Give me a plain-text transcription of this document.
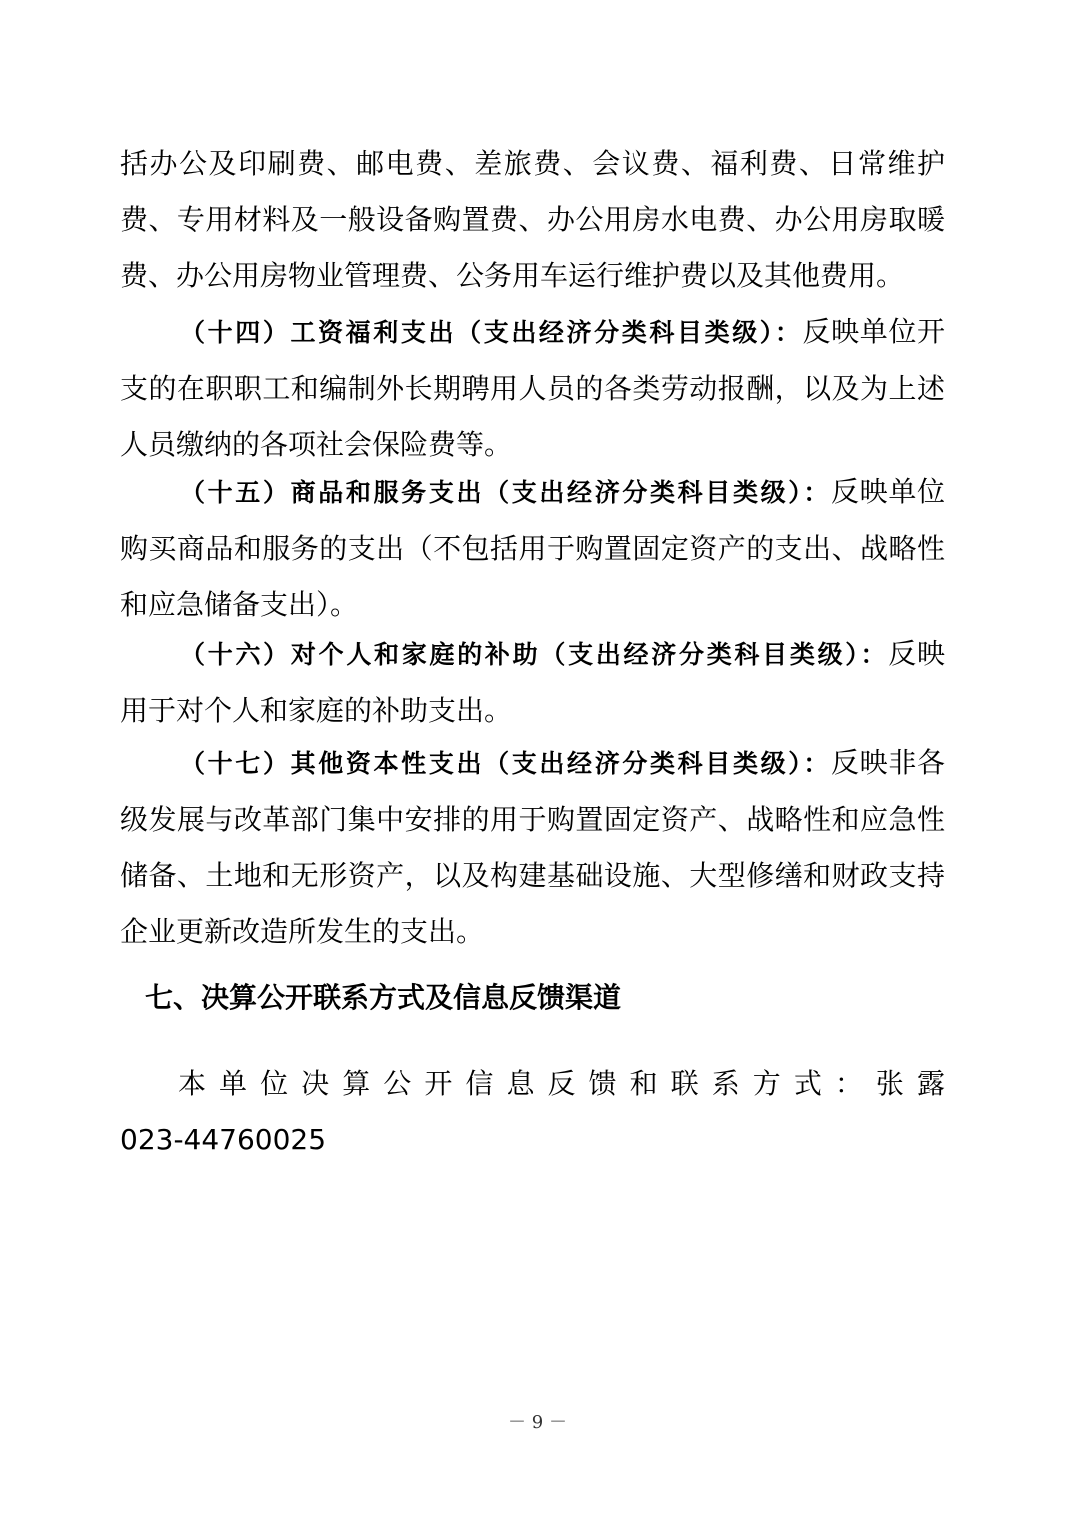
括办公及印刷费、邮电费、差旅费、会议费、福利费、日常维护费、专用材料及一般设备购置费、办公用房水电费、办公用房取暖费、办公用房物业管理费、公务用车运行维护费以及其他费用。
（十四）工资福利支出（支出经济分类科目类级）：反映单位开支的在职职工和编制外长期聘用人员的各类劳动报酬，以及为上述人员缴纳的各项社会保险费等。
（十五）商品和服务支出（支出经济分类科目类级）：反映单位购买商品和服务的支出（不包括用于购置固定资产的支出、战略性和应急储备支出）。
（十六）对个人和家庭的补助（支出经济分类科目类级）：反映用于对个人和家庭的补助支出。
（十七）其他资本性支出（支出经济分类科目类级）：反映非各级发展与改革部门集中安排的用于购置固定资产、战略性和应急性储备、土地和无形资产，以及构建基础设施、大型修缮和财政支持企业更新改造所发生的支出。
七、决算公开联系方式及信息反馈渠道
本单位决算公开信息反馈和联系方式：张露
023-44760025
－ 9 －
